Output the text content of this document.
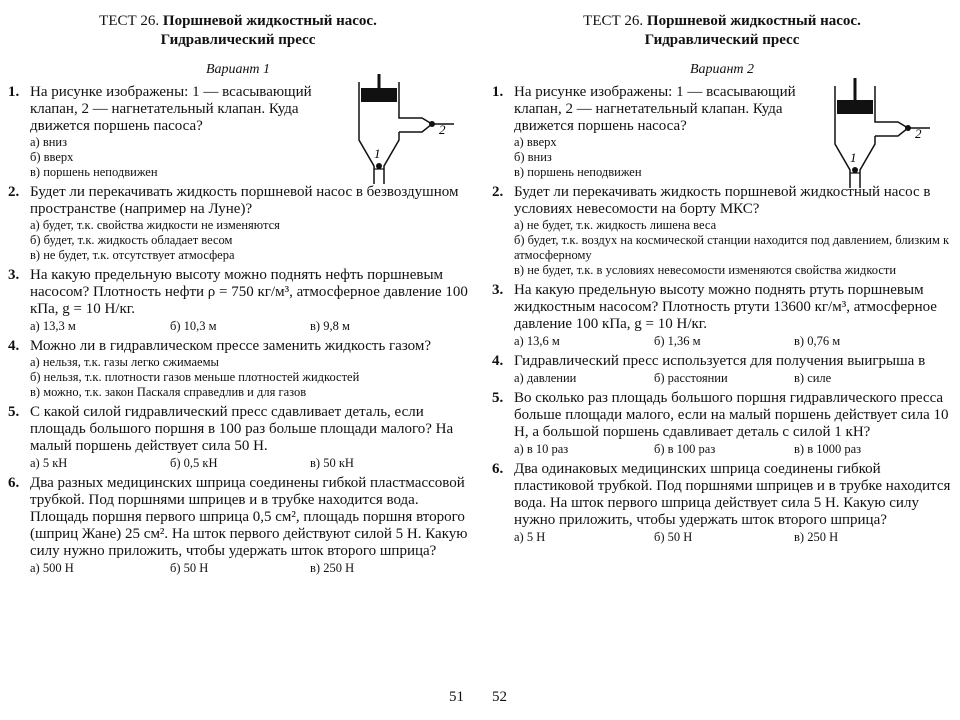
ТЕСТ 26. Поршневой жидкостный насос.
Гидравлический пресс
Вариант 1
1
2
1. На рисунке изображены: 1 — всасывающий клапан, 2 — нагнетательный клапан. Куда движется поршень пасоса?
а) вниз
б) вверх
в) поршень неподвижен
2. Будет ли перекачивать жидкость поршневой насос в безвоздушном пространстве (например на Луне)?
а) будет, т.к. свойства жидкости не изменяются
б) будет, т.к. жидкость обладает весом
в) не будет, т.к. отсутствует атмосфера
3. На какую предельную высоту можно поднять нефть поршневым насосом? Плотность нефти ρ = 750 кг/м³, атмосферное давление 100 кПа, g = 10 Н/кг.
а) 13,3 м	б) 10,3 м	в) 9,8 м
4. Можно ли в гидравлическом прессе заменить жидкость газом?
а) нельзя, т.к. газы легко сжимаемы
б) нельзя, т.к. плотности газов меньше плотностей жидкостей
в) можно, т.к. закон Паскаля справедлив и для газов
5. С какой силой гидравлический пресс сдавливает деталь, если площадь большого поршня в 100 раз больше площади малого? На малый поршень действует сила 50 Н.
а) 5 кН	б) 0,5 кН	в) 50 кН
6. Два разных медицинских шприца соединены гибкой пластмассовой трубкой. Под поршнями шприцев и в трубке находится вода. Площадь поршня первого шприца 0,5 см², площадь поршня второго (шприц Жане) 25 см². На шток первого действуют силой 5 Н. Какую силу нужно приложить, чтобы удержать шток второго шприца?
а) 500 Н	б) 50 Н	в) 250 Н
51
ТЕСТ 26. Поршневой жидкостный насос.
Гидравлический пресс
Вариант 2
1
2
1. На рисунке изображены: 1 — всасывающий клапан, 2 — нагнетательный клапан. Куда движется поршень насоса?
а) вверх
б) вниз
в) поршень неподвижен
2. Будет ли перекачивать жидкость поршневой жидкостный насос в условиях невесомости на борту МКС?
а) не будет, т.к. жидкость лишена веса
б) будет, т.к. воздух на космической станции находится под давлением, близким к атмосферному
в) не будет, т.к. в условиях невесомости изменяются свойства жидкости
3. На какую предельную высоту можно поднять ртуть поршневым жидкостным насосом? Плотность ртути 13600 кг/м³, атмосферное давление 100 кПа, g = 10 Н/кг.
а) 13,6 м	б) 1,36 м	в) 0,76 м
4. Гидравлический пресс используется для получения выигрыша в
а) давлении	б) расстоянии	в) силе
5. Во сколько раз площадь большого поршня гидравлического пресса больше площади малого, если на малый поршень действует сила 10 Н, а большой поршень сдавливает деталь с силой 1 кН?
а) в 10 раз	б) в 100 раз	в) в 1000 раз
6. Два одинаковых медицинских шприца соединены гибкой пластиковой трубкой. Под поршнями шприцев и в трубке находится вода. На шток первого шприца действует сила 5 Н. Какую силу нужно приложить, чтобы удержать шток второго шприца?
а) 5 Н	б) 50 Н	в) 250 Н
52
